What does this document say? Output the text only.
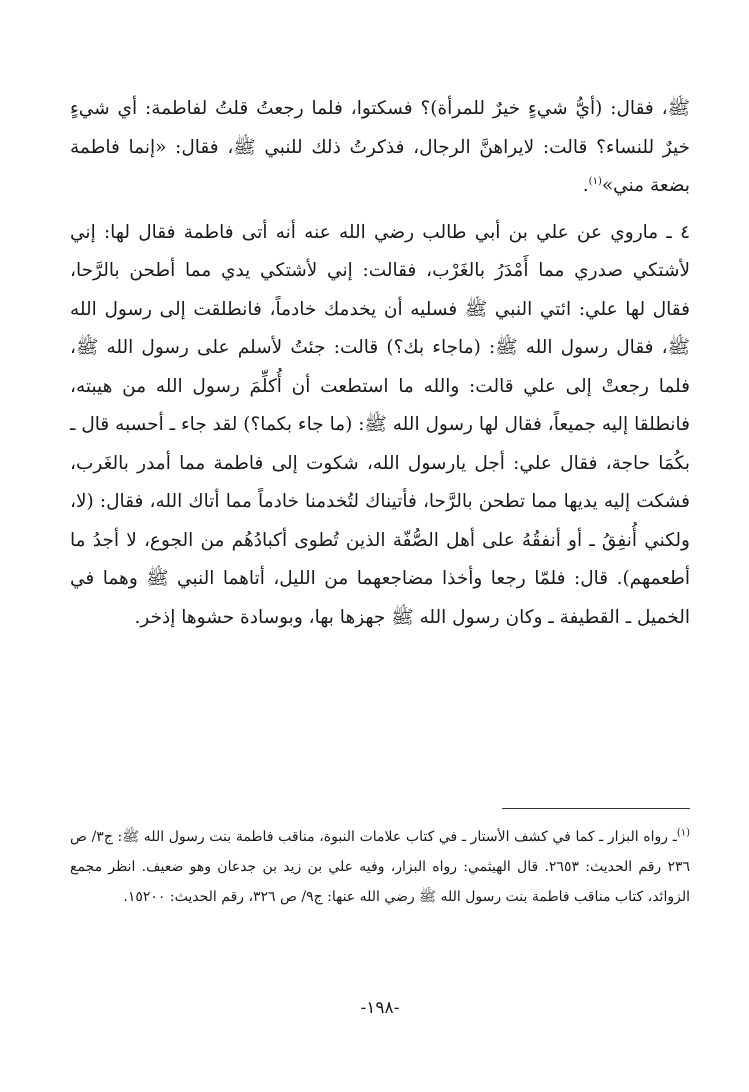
ﷺ، فقال: (أيُّ شيءٍ خيرٌ للمرأة)؟ فسكتوا، فلما رجعتُ قلتُ لفاطمة: أي شيءٍ خيرٌ للنساء؟ قالت: لايراهنَّ الرجال، فذكرتُ ذلك للنبي ﷺ، فقال: «إنما فاطمة بضعة مني»$^{(١)}$.

٤ ـ ماروي عن علي بن أبي طالب رضي الله عنه أنه أتى فاطمة فقال لها: إني لأشتكي صدري مما أَمْدَرُ بالغَرْب، فقالت: إني لأشتكي يدي مما أطحن بالرَّحا، فقال لها علي: ائتي النبي ﷺ فسليه أن يخدمك خادماً، فانطلقت إلى رسول الله ﷺ، فقال رسول الله ﷺ: (ماجاء بك؟) قالت: جئتُ لأسلم على رسول الله ﷺ، فلما رجعتْ إلى علي قالت: والله ما استطعت أن أُكلِّمَ رسول الله من هيبته، فانطلقا إليه جميعاً، فقال لها رسول الله ﷺ: (ما جاء بكما؟) لقد جاء ـ أحسبه قال ـ بكُمَا حاجة، فقال علي: أجل يارسول الله، شكوت إلى فاطمة مما أمدر بالغَرب، فشكت إليه يديها مما تطحن بالرَّحا، فأتيناك لتُخدمنا خادماً مما أتاك الله، فقال: (لا، ولكني أُنفِقُ ـ أو أنفقُهُ على أهل الصُّفّة الذين تُطوى أكبادُهُم من الجوع، لا أجدُ ما أطعمهم). قال: فلمّا رجعا وأخذا مضاجعهما من الليل، أتاهما النبي ﷺ وهما في الخميل ـ القطيفة ـ وكان رسول الله ﷺ جهزها بها، وبوسادة حشوها إذخر.

$^{(١)}$ـ رواه البزار ـ كما في كشف الأستار ـ في كتاب علامات النبوة، مناقب فاطمة بنت رسول الله ﷺ: ج٣/ ص ٢٣٦ رقم الحديث: ٢٦٥٣. قال الهيثمي: رواه البزار، وفيه علي بن زيد بن جدعان وهو ضعيف. انظر مجمع الزوائد، كتاب مناقب فاطمة بنت رسول الله ﷺ رضي الله عنها: ج٩/ ص ٣٢٦، رقم الحديث: ١٥٢٠٠.

-١٩٨-
